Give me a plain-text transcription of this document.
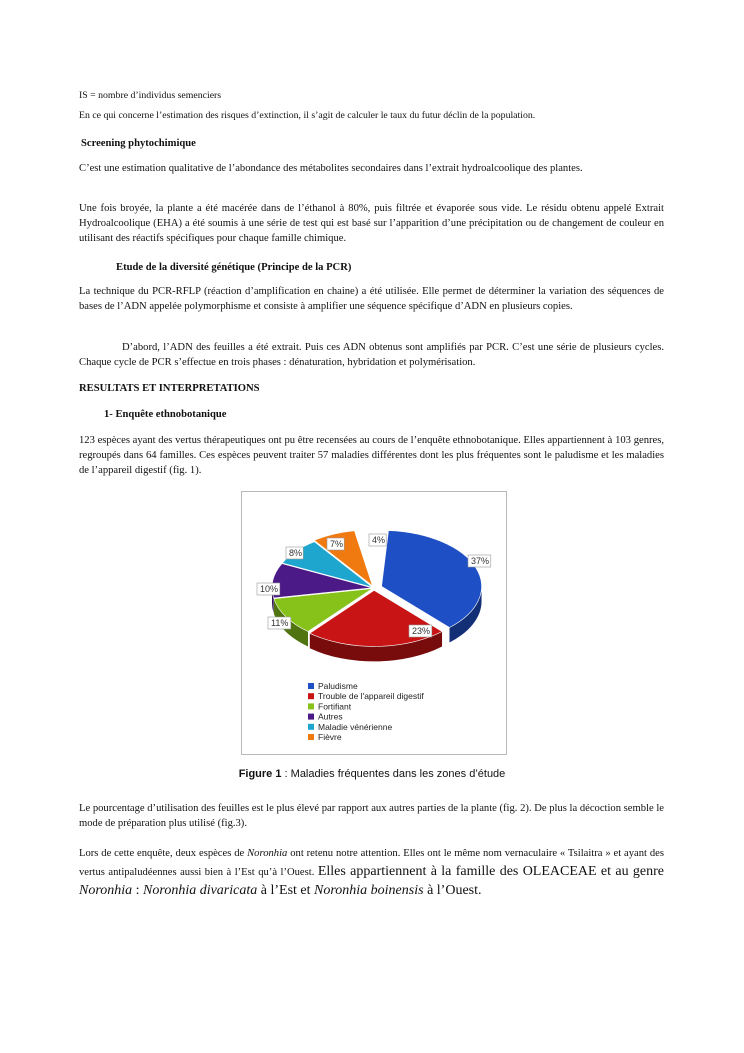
IS = nombre d’individus semenciers

En ce qui concerne l’estimation des risques d’extinction, il s’agit de calculer le taux du futur déclin de la population.

Screening phytochimique

C’est une estimation qualitative de l’abondance des métabolites secondaires dans l’extrait hydroalcoolique des plantes.

Une fois broyée, la plante a été macérée dans de l’éthanol à 80%, puis filtrée et évaporée sous vide. Le résidu obtenu appelé Extrait Hydroalcoolique (EHA) a été soumis à une série de test qui est basé sur l’apparition d’une précipitation ou de changement de couleur en utilisant des réactifs spécifiques pour chaque famille chimique.

Etude de la diversité génétique (Principe de la PCR)

La technique du PCR-RFLP (réaction d’amplification en chaine) a été utilisée. Elle permet de déterminer la variation des séquences de bases de l’ADN appelée polymorphisme et consiste à amplifier une séquence spécifique d’ADN en plusieurs copies.

D’abord, l’ADN des feuilles a été extrait. Puis ces ADN obtenus sont amplifiés par PCR. C’est une série de plusieurs cycles. Chaque cycle de PCR s’effectue en trois phases : dénaturation, hybridation et polymérisation.

RESULTATS ET INTERPRETATIONS

1- Enquête ethnobotanique

123 espèces ayant des vertus thérapeutiques ont pu être recensées au cours de l’enquête ethnobotanique. Elles appartiennent à 103 genres, regroupés dans 64 familles. Ces espèces peuvent traiter 57 maladies différentes dont les plus fréquentes sont le paludisme et les maladies de l’appareil digestif (fig. 1).

37%
23%
11%
10%
8%
7%	4%
Paludisme
Trouble de l'appareil digestif
Fortifiant
Autres
Maladie vénérienne
Fièvre
Figure 1 : Maladies fréquentes dans les zones d’étude

Le pourcentage d’utilisation des feuilles est le plus élevé par rapport aux autres parties de la plante (fig. 2). De plus la décoction semble le mode de préparation plus utilisé (fig.3).

Lors de cette enquête, deux espèces de Noronhia ont retenu notre attention. Elles ont le même nom vernaculaire « Tsilaitra » et ayant des vertus antipaludéennes aussi bien à l’Est qu’à l’Ouest. Elles appartiennent à la famille des OLEACEAE et au genre Noronhia : Noronhia divaricata à l’Est et Noronhia boinensis à l’Ouest.
